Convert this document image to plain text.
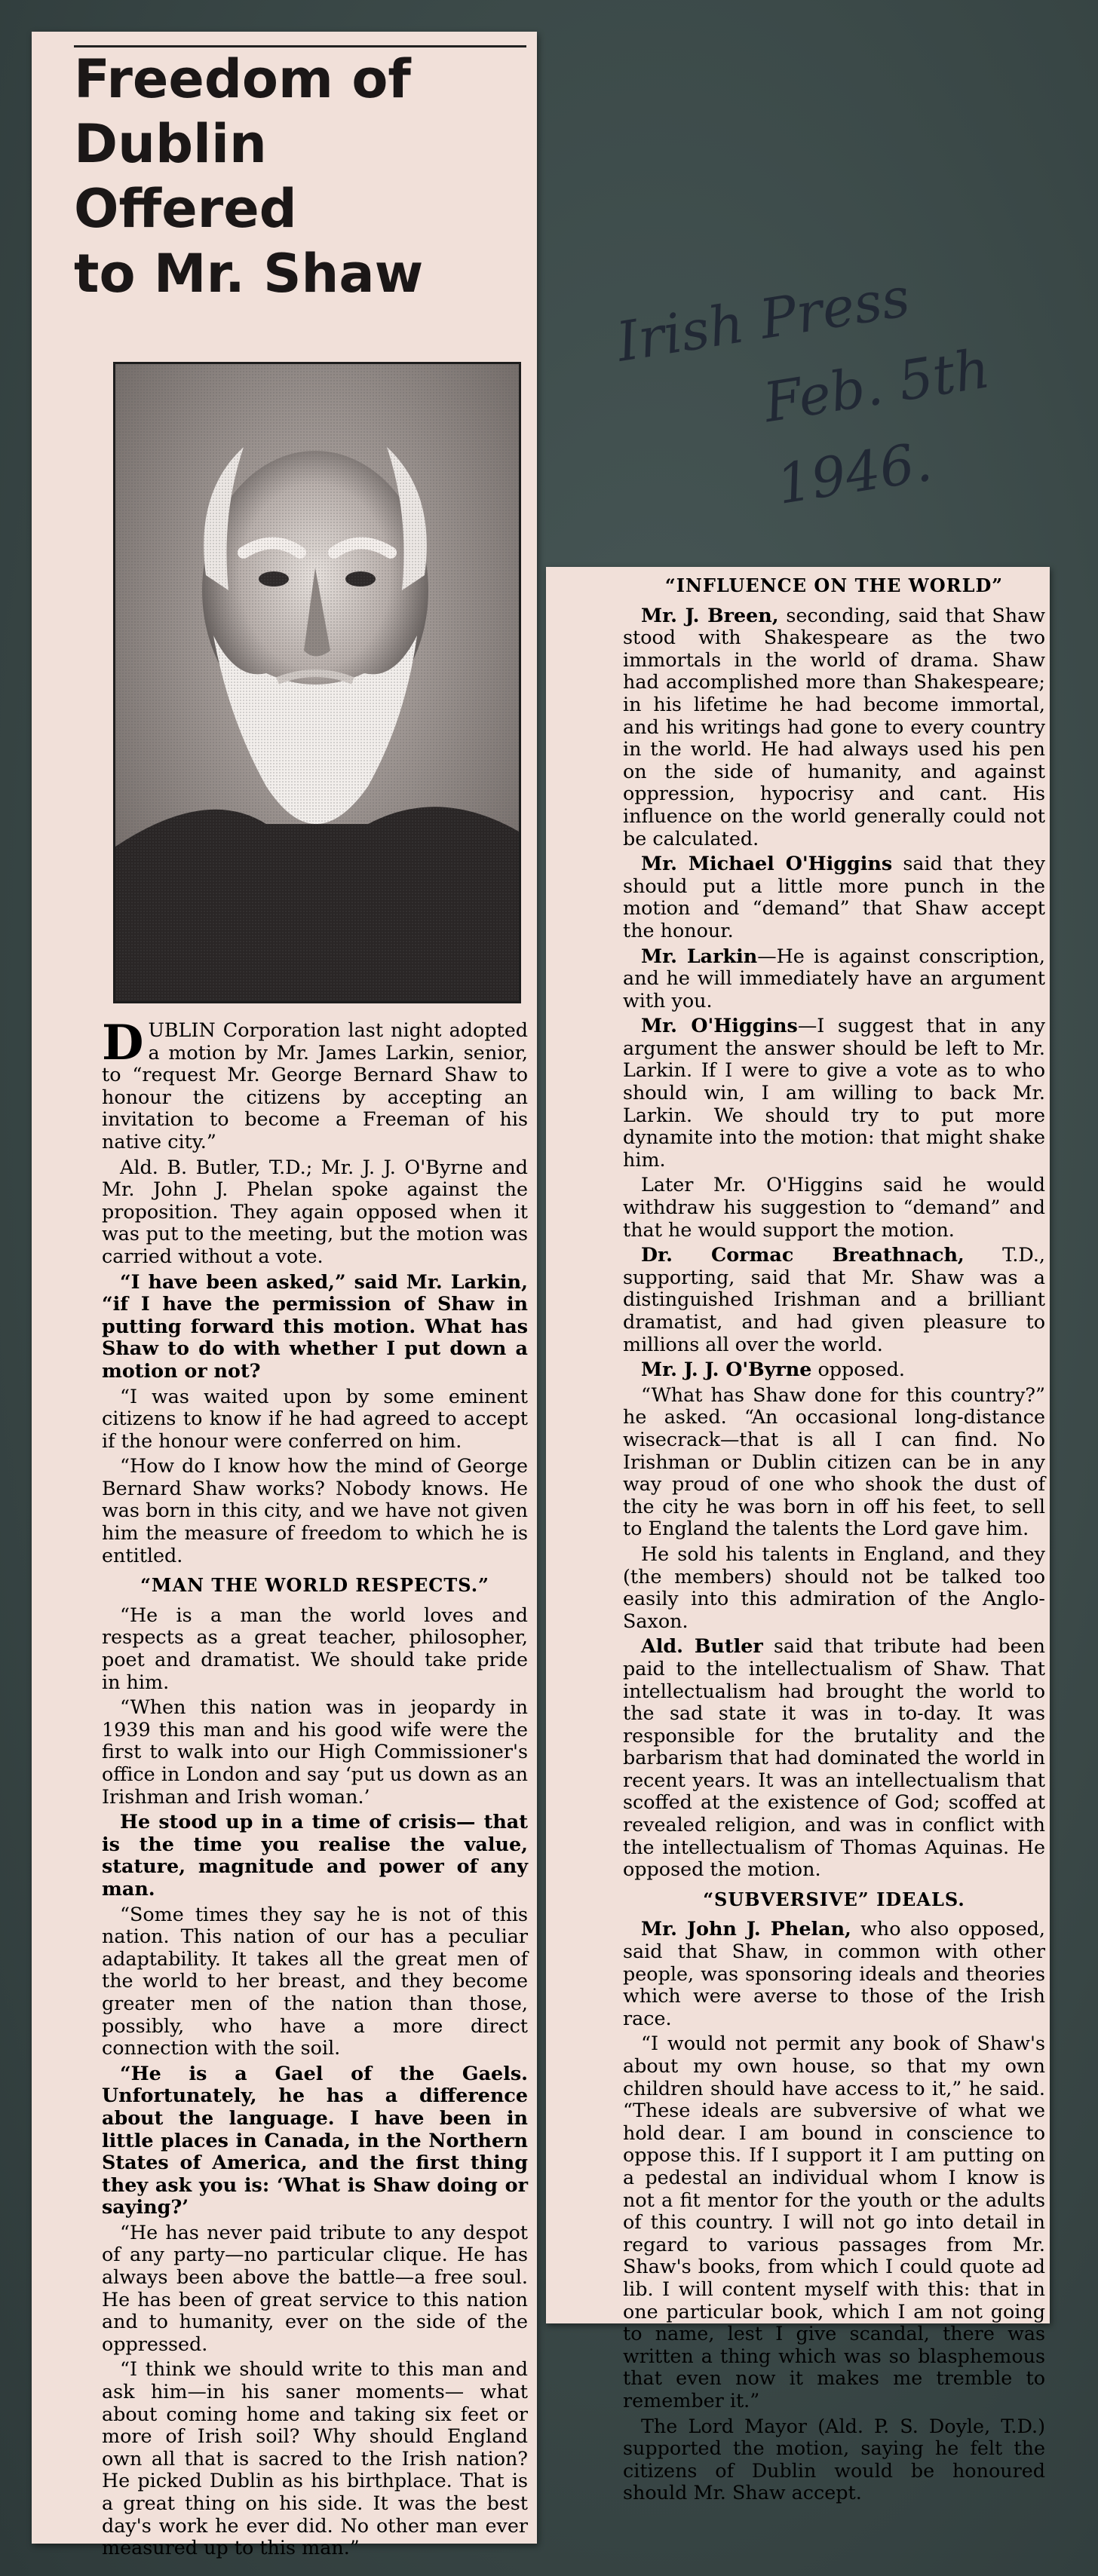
Freedom of
Dublin
Offered
to Mr. Shaw

DUBLIN Corporation last night adopted a motion by Mr. James Larkin, senior, to “request Mr. George Bernard Shaw to honour the citizens by accepting an invitation to become a Freeman of his native city.”

Ald. B. Butler, T.D.; Mr. J. J. O'Byrne and Mr. John J. Phelan spoke against the proposition. They again opposed when it was put to the meeting, but the motion was carried without a vote.

“I have been asked,” said Mr. Larkin, “if I have the permission of Shaw in putting forward this motion. What has Shaw to do with whether I put down a motion or not?

“I was waited upon by some eminent citizens to know if he had agreed to accept if the honour were conferred on him.

“How do I know how the mind of George Bernard Shaw works? Nobody knows. He was born in this city, and we have not given him the measure of freedom to which he is entitled.

“MAN THE WORLD RESPECTS.”

“He is a man the world loves and respects as a great teacher, philosopher, poet and dramatist. We should take pride in him.

“When this nation was in jeopardy in 1939 this man and his good wife were the first to walk into our High Commissioner's office in London and say ‘put us down as an Irishman and Irish woman.’

He stood up in a time of crisis— that is the time you realise the value, stature, magnitude and power of any man.

“Some times they say he is not of this nation. This nation of our has a peculiar adaptability. It takes all the great men of the world to her breast, and they become greater men of the nation than those, possibly, who have a more direct connection with the soil.

“He is a Gael of the Gaels. Unfortunately, he has a difference about the language. I have been in little places in Canada, in the Northern States of America, and the first thing they ask you is: ‘What is Shaw doing or saying?’

“He has never paid tribute to any despot of any party—no particular clique. He has always been above the battle—a free soul. He has been of great service to this nation and to humanity, ever on the side of the oppressed.

“I think we should write to this man and ask him—in his saner moments— what about coming home and taking six feet or more of Irish soil? Why should England own all that is sacred to the Irish nation? He picked Dublin as his birthplace. That is a great thing on his side. It was the best day's work he ever did. No other man ever measured up to this man.”

Irish Press
Feb. 5th 1946.
“INFLUENCE ON THE WORLD”

Mr. J. Breen, seconding, said that Shaw stood with Shakespeare as the two immortals in the world of drama. Shaw had accomplished more than Shakespeare; in his lifetime he had become immortal, and his writings had gone to every country in the world. He had always used his pen on the side of humanity, and against oppression, hypocrisy and cant. His influence on the world generally could not be calculated.

Mr. Michael O'Higgins said that they should put a little more punch in the motion and “demand” that Shaw accept the honour.

Mr. Larkin—He is against conscription, and he will immediately have an argument with you.

Mr. O'Higgins—I suggest that in any argument the answer should be left to Mr. Larkin. If I were to give a vote as to who should win, I am willing to back Mr. Larkin. We should try to put more dynamite into the motion: that might shake him.

Later Mr. O'Higgins said he would withdraw his suggestion to “demand” and that he would support the motion.

Dr. Cormac Breathnach, T.D., supporting, said that Mr. Shaw was a distinguished Irishman and a brilliant dramatist, and had given pleasure to millions all over the world.

Mr. J. J. O'Byrne opposed.

“What has Shaw done for this country?” he asked. “An occasional long-distance wisecrack—that is all I can find. No Irishman or Dublin citizen can be in any way proud of one who shook the dust of the city he was born in off his feet, to sell to England the talents the Lord gave him.

He sold his talents in England, and they (the members) should not be talked too easily into this admiration of the Anglo-Saxon.

Ald. Butler said that tribute had been paid to the intellectualism of Shaw. That intellectualism had brought the world to the sad state it was in to-day. It was responsible for the brutality and the barbarism that had dominated the world in recent years. It was an intellectualism that scoffed at the existence of God; scoffed at revealed religion, and was in conflict with the intellectualism of Thomas Aquinas. He opposed the motion.

“SUBVERSIVE” IDEALS.

Mr. John J. Phelan, who also opposed, said that Shaw, in common with other people, was sponsoring ideals and theories which were averse to those of the Irish race.

“I would not permit any book of Shaw's about my own house, so that my own children should have access to it,” he said. “These ideals are subversive of what we hold dear. I am bound in conscience to oppose this. If I support it I am putting on a pedestal an individual whom I know is not a fit mentor for the youth or the adults of this country. I will not go into detail in regard to various passages from Mr. Shaw's books, from which I could quote ad lib. I will content myself with this: that in one particular book, which I am not going to name, lest I give scandal, there was written a thing which was so blasphemous that even now it makes me tremble to remember it.”

The Lord Mayor (Ald. P. S. Doyle, T.D.) supported the motion, saying he felt the citizens of Dublin would be honoured should Mr. Shaw accept.
